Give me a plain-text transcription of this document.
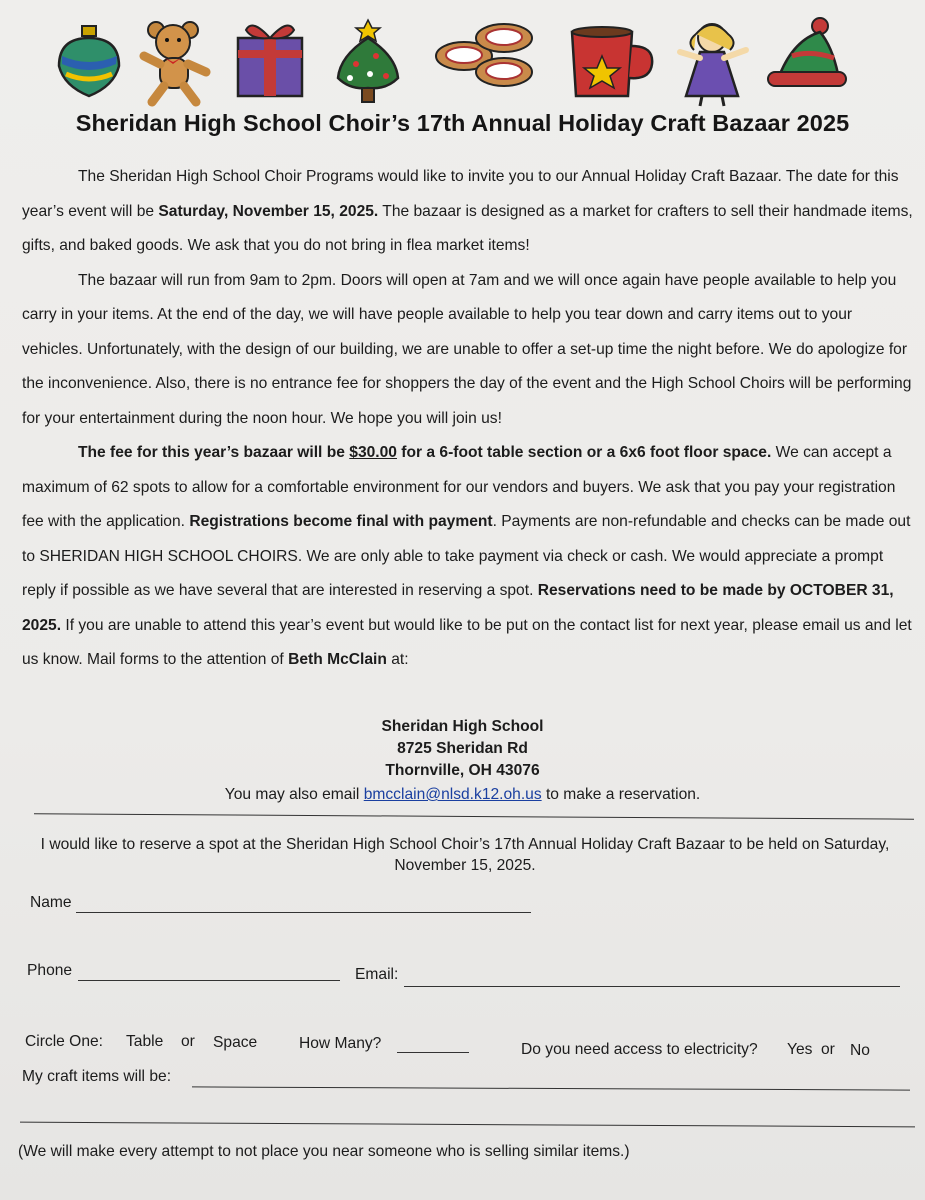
Sheridan High School Choir’s 17th Annual Holiday Craft Bazaar 2025

The Sheridan High School Choir Programs would like to invite you to our Annual Holiday Craft Bazaar. The date for this year’s event will be Saturday, November 15, 2025. The bazaar is designed as a market for crafters to sell their handmade items, gifts, and baked goods. We ask that you do not bring in flea market items!

The bazaar will run from 9am to 2pm. Doors will open at 7am and we will once again have people available to help you carry in your items. At the end of the day, we will have people available to help you tear down and carry items out to your vehicles. Unfortunately, with the design of our building, we are unable to offer a set-up time the night before. We do apologize for the inconvenience. Also, there is no entrance fee for shoppers the day of the event and the High School Choirs will be performing for your entertainment during the noon hour. We hope you will join us!

The fee for this year’s bazaar will be $30.00 for a 6-foot table section or a 6x6 foot floor space. We can accept a maximum of 62 spots to allow for a comfortable environment for our vendors and buyers. We ask that you pay your registration fee with the application. Registrations become final with payment. Payments are non-refundable and checks can be made out to SHERIDAN HIGH SCHOOL CHOIRS. We are only able to take payment via check or cash. We would appreciate a prompt reply if possible as we have several that are interested in reserving a spot. Reservations need to be made by OCTOBER 31, 2025. If you are unable to attend this year’s event but would like to be put on the contact list for next year, please email us and let us know. Mail forms to the attention of Beth McClain at:

Sheridan High School
8725 Sheridan Rd
Thornville, OH 43076
You may also email bmcclain@nlsd.k12.oh.us to make a reservation.
I would like to reserve a spot at the Sheridan High School Choir’s 17th Annual Holiday Craft Bazaar to be held on Saturday, November 15, 2025.
Name
Phone	Email:
Circle One: Table or Space	How Many?	Do you need access to electricity? Yes or No
My craft items will be:
(We will make every attempt to not place you near someone who is selling similar items.)
